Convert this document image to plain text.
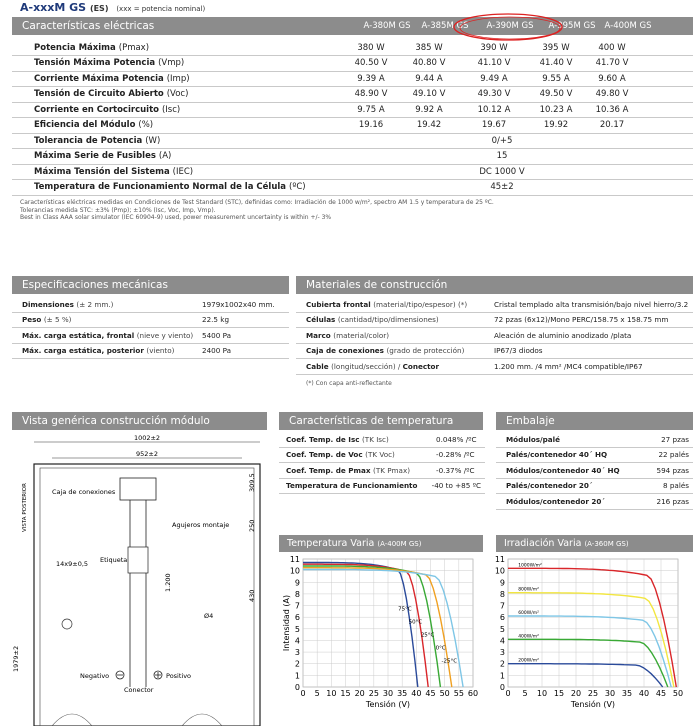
A-xxxM GS (ES) (xxx = potencia nominal)
Características eléctricas	A-380M GS	A-385M GS	A-390M GS	A-395M GS	A-400M GS
Potencia Máxima (Pmax)	380 W	385 W	390 W	395 W	400 W	
Tensión Máxima Potencia (Vmp)	40.50 V	40.80 V	41.10 V	41.40 V	41.70 V	
Corriente Máxima Potencia (Imp)	9.39 A	9.44 A	9.49 A	9.55 A	9.60 A	
Tensión de Circuito Abierto (Voc)	48.90 V	49.10 V	49.30 V	49.50 V	49.80 V	
Corriente en Cortocircuito (Isc)	9.75 A	9.92 A	10.12 A	10.23 A	10.36 A	
Eficiencia del Módulo (%)	19.16	19.42	19.67	19.92	20.17	
Tolerancia de Potencia (W)	0/+5					
Máxima Serie de Fusibles (A)	15					
Máxima Tensión del Sistema (IEC)	DC 1000 V					
Temperatura de Funcionamiento Normal de la Célula (ºC)	45±2					
Características eléctricas medidas en Condiciones de Test Standard (STC), definidas como: Irradiación de 1000 w/m², spectro AM 1.5 y temperatura de 25 ºC.
Tolerancias medida STC: ±3% (Pmp); ±10% (Isc, Voc, Imp, Vmp).
Best in Class AAA solar simulator (IEC 60904-9) used, power measurement uncertainty is within +/- 3%
Especificaciones mecánicas
Dimensiones (± 2 mm.)	1979x1002x40 mm.
Peso (± 5 %)	22.5 kg
Máx. carga estática, frontal (nieve y viento)	5400 Pa
Máx. carga estática, posterior (viento)	2400 Pa
Materiales de construcción
Cubierta frontal (material/tipo/espesor) (*)	Cristal templado alta transmisión/bajo nivel hierro/3.2
Células (cantidad/tipo/dimensiones)	72 pzas (6x12)/Mono PERC/158.75 x 158.75 mm
Marco (material/color)	Aleación de aluminio anodizado /plata
Caja de conexiones (grado de protección)	IP67/3 diodos
Cable (longitud/sección) / Conector	1.200 mm. /4 mm² /MC4 compatible/IP67
(*) Con capa anti-reflectante
Vista genérica construcción módulo
1002±2
952±2
VISTA POSTERIOR	Caja de conexiones
Etiqueta
Agujeros montaje
14x9±0,5
1.200
309,5
250
430
Ø4
1979±2
Negativo	Positivo
Conector
Características de temperatura
Coef. Temp. de Isc (TK Isc)	0.048% /ºC
Coef. Temp. de Voc (TK Voc)	-0.28% /ºC
Coef. Temp. de Pmax (TK Pmax)	-0.37% /ºC
Temperatura de Funcionamiento	-40 to +85 ºC
Embalaje
Módulos/palé	27 pzas
Palés/contenedor 40´ HQ	22 palés
Módulos/contenedor 40´ HQ	594 pzas
Palés/contenedor 20´	8 palés
Módulos/contenedor 20´	216 pzas
Temperatura Varia (A-400M GS)
0
1
2
3
4
5
6
7
8
9
10
11
0 5 10 15 20 25 30 35 40 45 50 55 60
Tensión (V)
Intensidad (A)	75°C
50°C
25°C
0°C
-25°C
Irradiación Varia (A-360M GS)
0
1
2
3
4
5
6
7
8
9
10
11
0 5 10 15 20 25 30 35 40 45 50
Tensión (V)
1000W/m²
800W/m²
600W/m²
400W/m²
200W/m²
